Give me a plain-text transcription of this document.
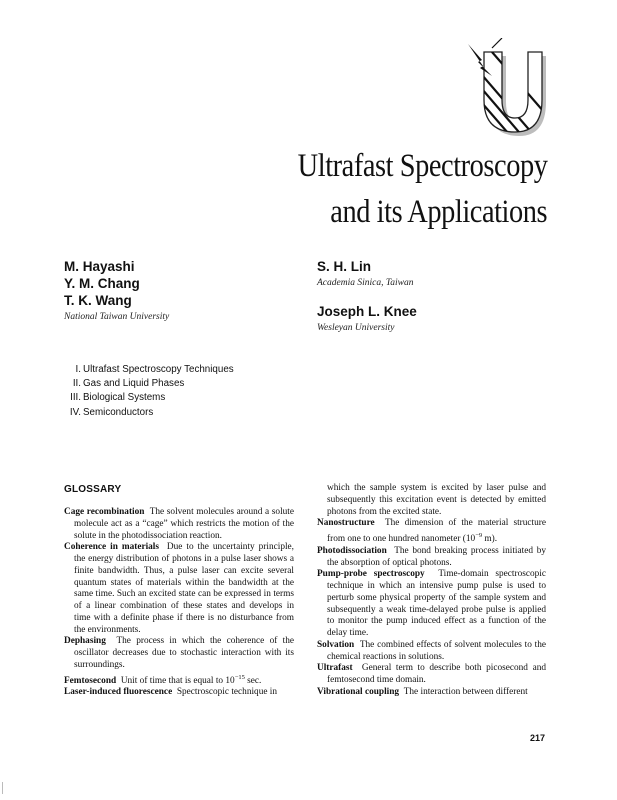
U
Ultrafast Spectroscopy
and its Applications
M. Hayashi
Y. M. Chang
T. K. Wang
National Taiwan University
S. H. Lin
Academia Sinica, Taiwan
Joseph L. Knee
Wesleyan University
I. Ultrafast Spectroscopy Techniques
II. Gas and Liquid Phases
III. Biological Systems
IV. Semiconductors
GLOSSARY

Cage recombination The solvent molecules around a solute molecule act as a “cage” which restricts the motion of the solute in the photodissociation reaction.

Coherence in materials Due to the uncertainty principle, the energy distribution of photons in a pulse laser shows a finite bandwidth. Thus, a pulse laser can excite several quantum states of materials within the bandwidth at the same time. Such an excited state can be expressed in terms of a linear combination of these states and develops in time with a definite phase if there is no disturbance from the environments.

Dephasing The process in which the coherence of the oscillator decreases due to stochastic interaction with its surroundings.

Femtosecond Unit of time that is equal to $10^{-15}$ sec.

Laser-induced fluorescence Spectroscopic technique in

which the sample system is excited by laser pulse and subsequently this excitation event is detected by emitted photons from the excited state.

Nanostructure The dimension of the material structure from one to one hundred nanometer ($10^{-9}$ m).

Photodissociation The bond breaking process initiated by the absorption of optical photons.

Pump-probe spectroscopy Time-domain spectroscopic technique in which an intensive pump pulse is used to perturb some physical property of the sample system and subsequently a weak time-delayed probe pulse is applied to monitor the pump induced effect as a function of the delay time.

Solvation The combined effects of solvent molecules to the chemical reactions in solutions.

Ultrafast General term to describe both picosecond and femtosecond time domain.

Vibrational coupling The interaction between different

217
